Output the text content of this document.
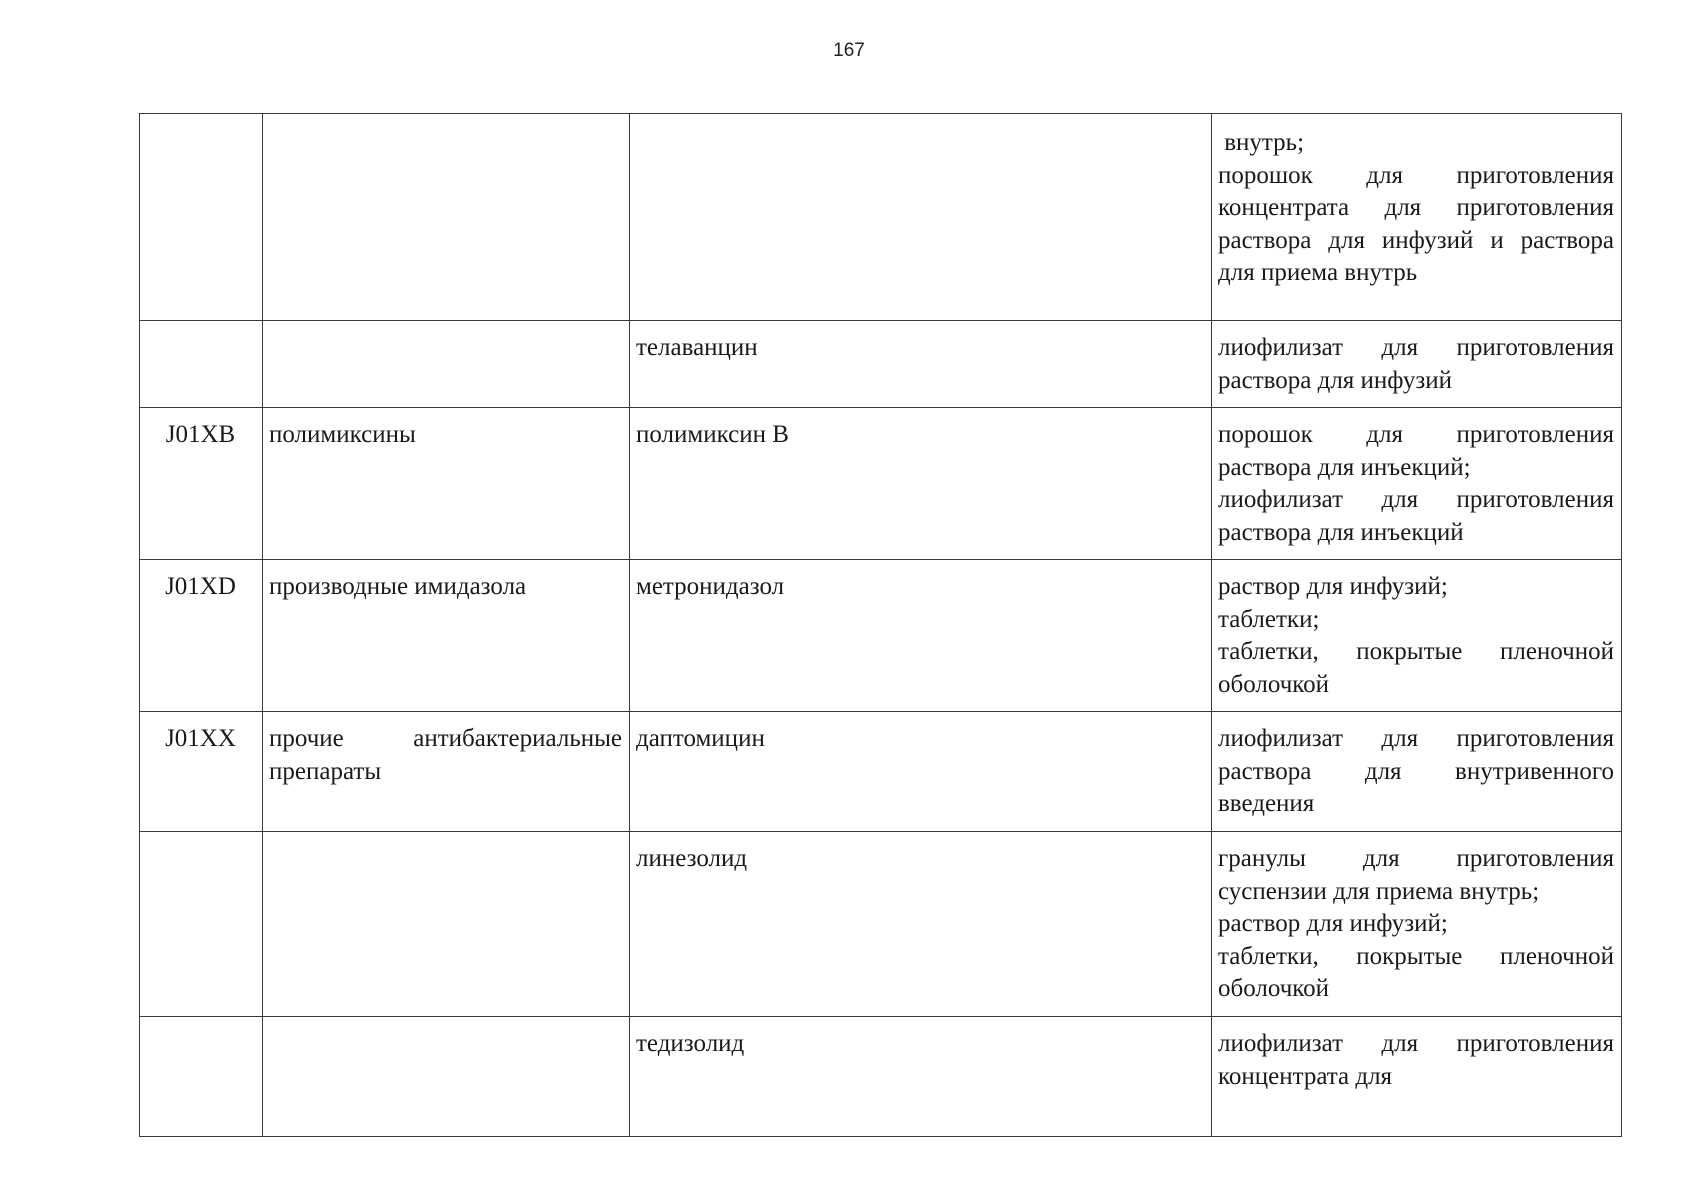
167

			внутрь;
порошок для приготовления концентрата для приготовления раствора для инфузий и раствора для приема внутрь

		телаванцин	лиофилизат для приготовления раствора для инфузий

J01XB	полимиксины	полимиксин В	порошок для приготовления раствора для инъекций;
лиофилизат для приготовления раствора для инъекций

J01XD	производные имидазола	метронидазол	раствор для инфузий;
таблетки;
таблетки, покрытые пленочной оболочкой

J01XX	прочие антибактериальные препараты	даптомицин	лиофилизат для приготовления раствора для внутривенного введения

		линезолид	гранулы для приготовления суспензии для приема внутрь;
раствор для инфузий;
таблетки, покрытые пленочной оболочкой

		тедизолид	лиофилизат для приготовления концентрата для
